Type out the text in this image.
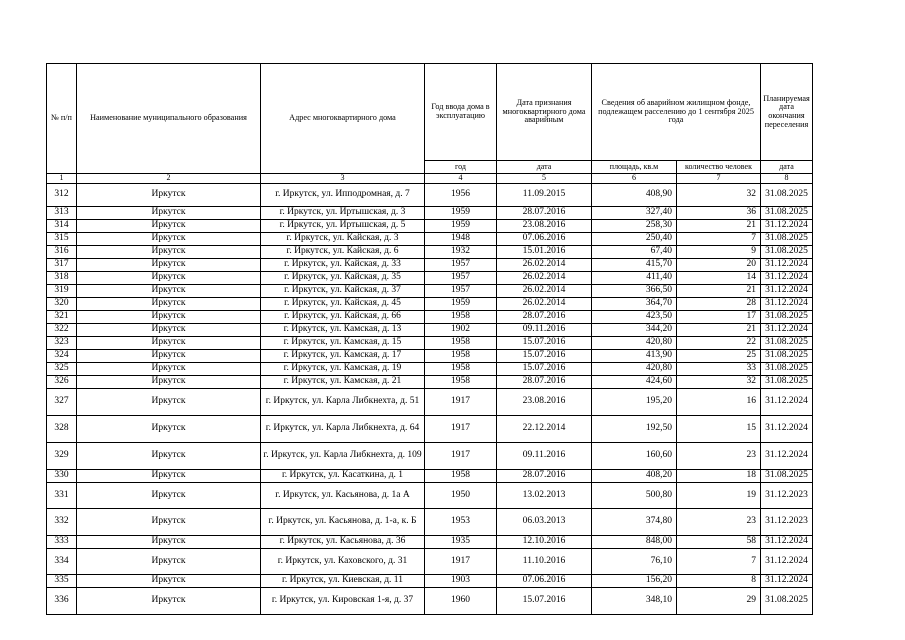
№ п/п	Наименование муниципального образования	Адрес многоквартирного дома	Год ввода дома в эксплуатацию	Дата признания многоквартирного дома аварийным	Сведения об аварийном жилищном фонде, подлежащем расселению до 1 сентября 2025 года		Планируемая дата окончания переселения
			год	дата	площадь, кв.м	количество человек	дата
1	2	3	4	5	6	7	8
312	Иркутск	г. Иркутск, ул. Ипподромная, д. 7	1956	11.09.2015	408,90	32	31.08.2025
313	Иркутск	г. Иркутск, ул. Иртышская, д. 3	1959	28.07.2016	327,40	36	31.08.2025
314	Иркутск	г. Иркутск, ул. Иртышская, д. 5	1959	23.08.2016	258,30	21	31.12.2024
315	Иркутск	г. Иркутск, ул. Кайская, д. 3	1948	07.06.2016	250,40	7	31.08.2025
316	Иркутск	г. Иркутск, ул. Кайская, д. 6	1932	15.01.2016	67,40	9	31.08.2025
317	Иркутск	г. Иркутск, ул. Кайская, д. 33	1957	26.02.2014	415,70	20	31.12.2024
318	Иркутск	г. Иркутск, ул. Кайская, д. 35	1957	26.02.2014	411,40	14	31.12.2024
319	Иркутск	г. Иркутск, ул. Кайская, д. 37	1957	26.02.2014	366,50	21	31.12.2024
320	Иркутск	г. Иркутск, ул. Кайская, д. 45	1959	26.02.2014	364,70	28	31.12.2024
321	Иркутск	г. Иркутск, ул. Кайская, д. 66	1958	28.07.2016	423,50	17	31.08.2025
322	Иркутск	г. Иркутск, ул. Камская, д. 13	1902	09.11.2016	344,20	21	31.12.2024
323	Иркутск	г. Иркутск, ул. Камская, д. 15	1958	15.07.2016	420,80	22	31.08.2025
324	Иркутск	г. Иркутск, ул. Камская, д. 17	1958	15.07.2016	413,90	25	31.08.2025
325	Иркутск	г. Иркутск, ул. Камская, д. 19	1958	15.07.2016	420,80	33	31.08.2025
326	Иркутск	г. Иркутск, ул. Камская, д. 21	1958	28.07.2016	424,60	32	31.08.2025
327	Иркутск	г. Иркутск, ул. Карла Либкнехта, д. 51	1917	23.08.2016	195,20	16	31.12.2024
328	Иркутск	г. Иркутск, ул. Карла Либкнехта, д. 64	1917	22.12.2014	192,50	15	31.12.2024
329	Иркутск	г. Иркутск, ул. Карла Либкнехта, д. 109	1917	09.11.2016	160,60	23	31.12.2024
330	Иркутск	г. Иркутск, ул. Касаткина, д. 1	1958	28.07.2016	408,20	18	31.08.2025
331	Иркутск	г. Иркутск, ул. Касьянова, д. 1а А	1950	13.02.2013	500,80	19	31.12.2023
332	Иркутск	г. Иркутск, ул. Касьянова, д. 1-а, к. Б	1953	06.03.2013	374,80	23	31.12.2023
333	Иркутск	г. Иркутск, ул. Касьянова, д. 36	1935	12.10.2016	848,00	58	31.12.2024
334	Иркутск	г. Иркутск, ул. Каховского, д. 31	1917	11.10.2016	76,10	7	31.12.2024
335	Иркутск	г. Иркутск, ул. Киевская, д. 11	1903	07.06.2016	156,20	8	31.12.2024
336	Иркутск	г. Иркутск, ул. Кировская 1-я, д. 37	1960	15.07.2016	348,10	29	31.08.2025
